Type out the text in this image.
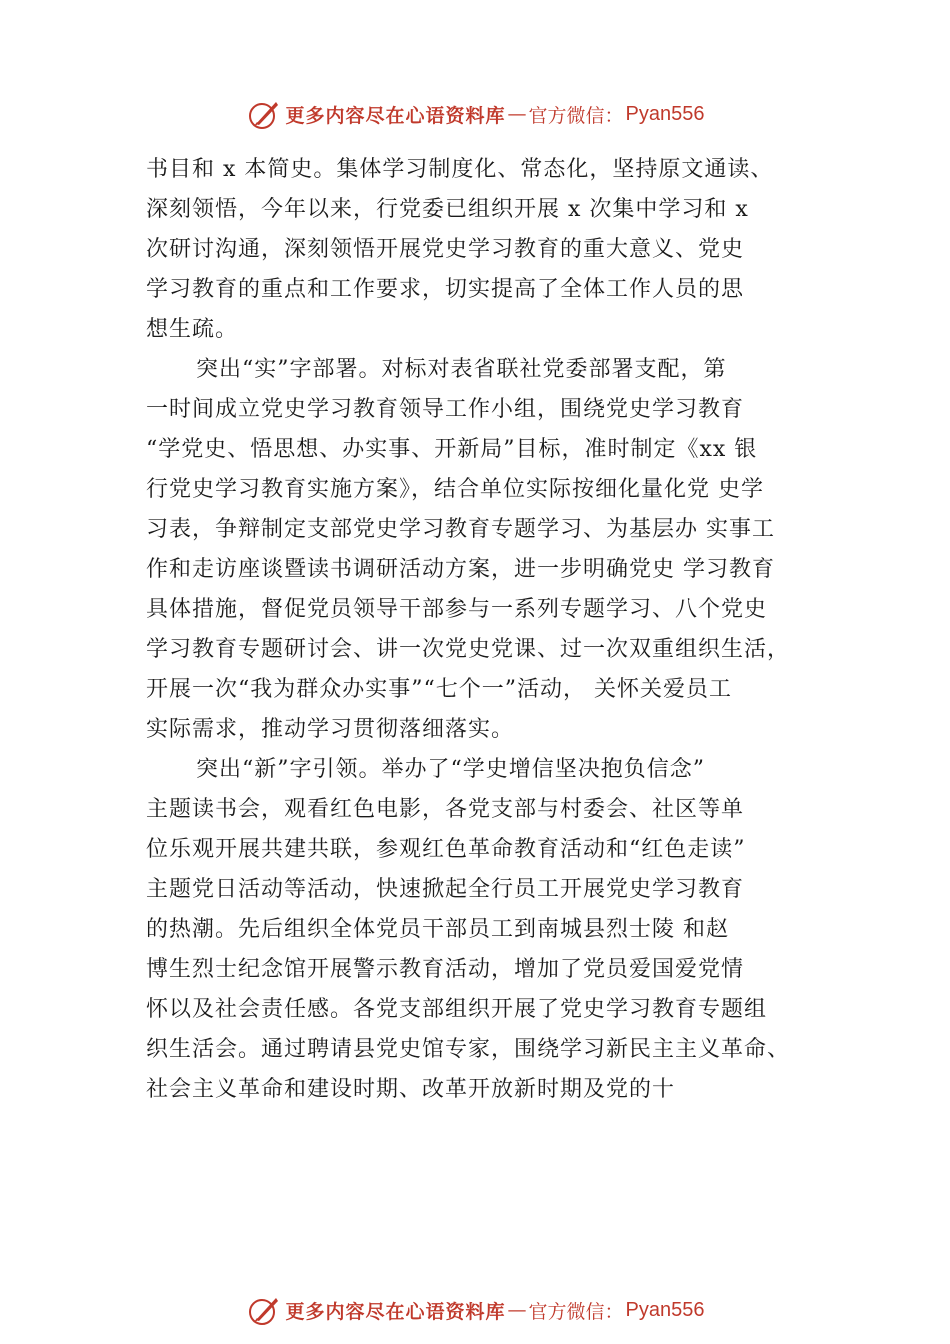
更多内容尽在心语资料库 — 官方微信： Pyan556
书目和 x 本简史。集体学习制度化、常态化，坚持原文通读、
深刻领悟，今年以来，行党委已组织开展 x 次集中学习和 x
次研讨沟通，深刻领悟开展党史学习教育的重大意义、党史
学习教育的重点和工作要求，切实提高了全体工作人员的思
想生疏。
突出“实”字部署。对标对表省联社党委部署支配，第
一时间成立党史学习教育领导工作小组，围绕党史学习教育
“学党史、悟思想、办实事、开新局”目标，准时制定《xx 银
行党史学习教育实施方案》，结合单位实际按细化量化党 史学
习表，争辩制定支部党史学习教育专题学习、为基层办 实事工
作和走访座谈暨读书调研活动方案，进一步明确党史 学习教育
具体措施，督促党员领导干部参与一系列专题学习、八个党史
学习教育专题研讨会、讲一次党史党课、过一次双重组织生活，
开展一次“我为群众办实事”“七个一”活动， 关怀关爱员工
实际需求，推动学习贯彻落细落实。
突出“新”字引领。举办了“学史增信坚决抱负信念”
主题读书会，观看红色电影，各党支部与村委会、社区等单
位乐观开展共建共联，参观红色革命教育活动和“红色走读”
主题党日活动等活动，快速掀起全行员工开展党史学习教育
的热潮。先后组织全体党员干部员工到南城县烈士陵 和赵
博生烈士纪念馆开展警示教育活动，增加了党员爱国爱党情
怀以及社会责任感。各党支部组织开展了党史学习教育专题组
织生活会。通过聘请县党史馆专家，围绕学习新民主主义革命、
社会主义革命和建设时期、改革开放新时期及党的十
更多内容尽在心语资料库 — 官方微信： Pyan556
